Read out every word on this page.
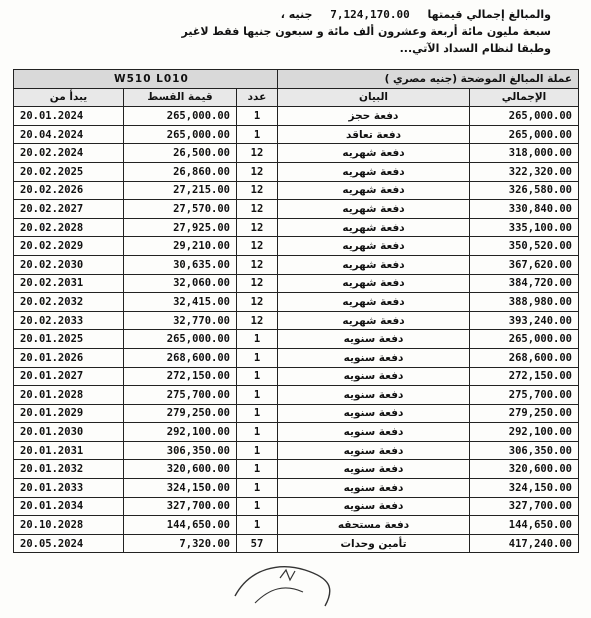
والمبالغ إجمالي قيمتها 7,124,170.00 جنيه ،
سبعة مليون مائة أربعة وعشرون ألف مائة و سبعون جنيها فقط لاغير
وطبقا لنظام السداد الآتي...
W510 L010			عملة المبالغ الموضحة (جنيه مصري )	
يبدأ من	قيمة القسط	عدد	البيان	الإجمالي
20.01.2024	265,000.00	1	دفعة حجز	265,000.00
20.04.2024	265,000.00	1	دفعة تعاقد	265,000.00
20.02.2024	26,500.00	12	دفعة شهريه	318,000.00
20.02.2025	26,860.00	12	دفعة شهريه	322,320.00
20.02.2026	27,215.00	12	دفعة شهريه	326,580.00
20.02.2027	27,570.00	12	دفعة شهريه	330,840.00
20.02.2028	27,925.00	12	دفعة شهريه	335,100.00
20.02.2029	29,210.00	12	دفعة شهريه	350,520.00
20.02.2030	30,635.00	12	دفعة شهريه	367,620.00
20.02.2031	32,060.00	12	دفعة شهريه	384,720.00
20.02.2032	32,415.00	12	دفعة شهريه	388,980.00
20.02.2033	32,770.00	12	دفعة شهريه	393,240.00
20.01.2025	265,000.00	1	دفعة سنويه	265,000.00
20.01.2026	268,600.00	1	دفعة سنويه	268,600.00
20.01.2027	272,150.00	1	دفعة سنويه	272,150.00
20.01.2028	275,700.00	1	دفعة سنويه	275,700.00
20.01.2029	279,250.00	1	دفعة سنويه	279,250.00
20.01.2030	292,100.00	1	دفعة سنويه	292,100.00
20.01.2031	306,350.00	1	دفعة سنويه	306,350.00
20.01.2032	320,600.00	1	دفعة سنويه	320,600.00
20.01.2033	324,150.00	1	دفعة سنويه	324,150.00
20.01.2034	327,700.00	1	دفعة سنويه	327,700.00
20.10.2028	144,650.00	1	دفعة مستحقه	144,650.00
20.05.2024	7,320.00	57	تأمين وحدات	417,240.00
